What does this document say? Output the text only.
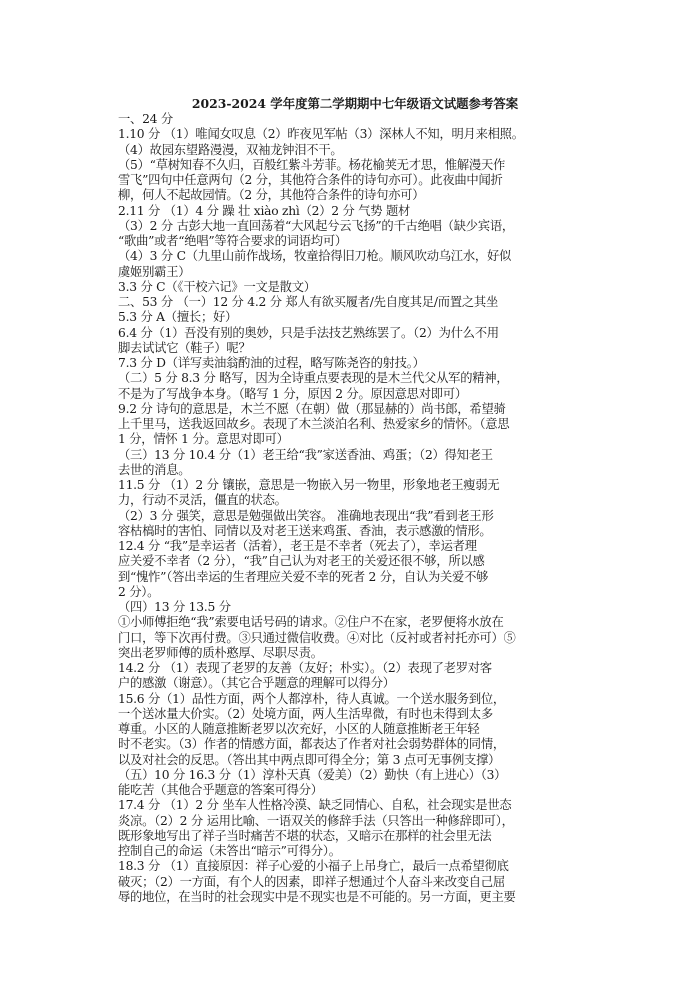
2023-2024 学年度第二学期期中七年级语文试题参考答案
一、24 分
1.10 分 （1）唯闻女叹息（2）昨夜见军帖（3）深林人不知，明月来相照。
（4）故园东望路漫漫，双袖龙钟泪不干。
（5）“草树知春不久归，百般红紫斗芳菲。杨花榆荚无才思，惟解漫天作
雪飞”四句中任意两句（2 分，其他符合条件的诗句亦可）。此夜曲中闻折
柳，何人不起故园情。（2 分，其他符合条件的诗句亦可）
2.11 分 （1）4 分 躁 壮 xiào zhì（2）2 分 气势 题材
（3）2 分 古彭大地一直回荡着“大风起兮云飞扬”的千古绝唱（缺少宾语，
“歌曲”或者“绝唱”等符合要求的词语均可）
（4）3 分 C（九里山前作战场，牧童拾得旧刀枪。顺风吹动乌江水，好似
虞姬别霸王）
3.3 分 C（《干校六记》一文是散文）
二、53 分 （一）12 分 4.2 分 郑人有欲买履者/先自度其足/而置之其坐
5.3 分 A（擅长；好）
6.4 分（1）吾没有别的奥妙，只是手法技艺熟练罢了。（2）为什么不用
脚去试试它（鞋子）呢？
7.3 分 D（详写卖油翁酌油的过程，略写陈尧咨的射技。）
（二）5 分 8.3 分 略写，因为全诗重点要表现的是木兰代父从军的精神，
不是为了写战争本身。（略写 1 分，原因 2 分。原因意思对即可）
9.2 分 诗句的意思是，木兰不愿（在朝）做（那显赫的）尚书郎，希望骑
上千里马，送我返回故乡。表现了木兰淡泊名利、热爱家乡的情怀。（意思
1 分，情怀 1 分。意思对即可）
（三）13 分 10.4 分（1）老王给“我”家送香油、鸡蛋；（2）得知老王
去世的消息。
11.5 分 （1）2 分 镶嵌，意思是一物嵌入另一物里，形象地老王瘦弱无
力，行动不灵活，僵直的状态。
（2）3 分 强笑，意思是勉强做出笑容。 准确地表现出“我”看到老王形
容枯槁时的害怕、同情以及对老王送来鸡蛋、香油，表示感激的情形。
12.4 分 “我”是幸运者（活着），老王是不幸者（死去了），幸运者理
应关爱不幸者（2 分），“我”自己认为对老王的关爱还很不够，所以感
到“愧怍”（答出幸运的生者理应关爱不幸的死者 2 分，自认为关爱不够
2 分）。
（四）13 分 13.5 分
①小师傅拒绝“我”索要电话号码的请求。②住户不在家，老罗便将水放在
门口，等下次再付费。③只通过微信收费。④对比（反衬或者衬托亦可）⑤
突出老罗师傅的质朴憨厚、尽职尽责。
14.2 分 （1）表现了老罗的友善（友好；朴实）。（2）表现了老罗对客
户的感激（谢意）。（其它合乎题意的理解可以得分）
15.6 分（1）品性方面，两个人都淳朴，待人真诚。一个送水服务到位，
一个送冰量大价实。（2）处境方面，两人生活卑微，有时也未得到太多
尊重。小区的人随意推断老罗以次充好，小区的人随意推断老王年轻
时不老实。（3）作者的情感方面，都表达了作者对社会弱势群体的同情，
以及对社会的反思。（答出其中两点即可得全分；第 3 点可无事例支撑）
（五）10 分 16.3 分（1）淳朴天真（爱美）（2）勤快（有上进心）（3）
能吃苦（其他合乎题意的答案可得分）
17.4 分 （1）2 分 坐车人性格冷漠、缺乏同情心、自私，社会现实是世态
炎凉。（2）2 分 运用比喻、一语双关的修辞手法（只答出一种修辞即可），
既形象地写出了祥子当时痛苦不堪的状态，又暗示在那样的社会里无法
控制自己的命运（未答出“暗示”可得分）。
18.3 分 （1）直接原因：祥子心爱的小福子上吊身亡，最后一点希望彻底
破灭；（2）一方面，有个人的因素，即祥子想通过个人奋斗来改变自己屈
辱的地位，在当时的社会现实中是不现实也是不可能的。另一方面，更主要
